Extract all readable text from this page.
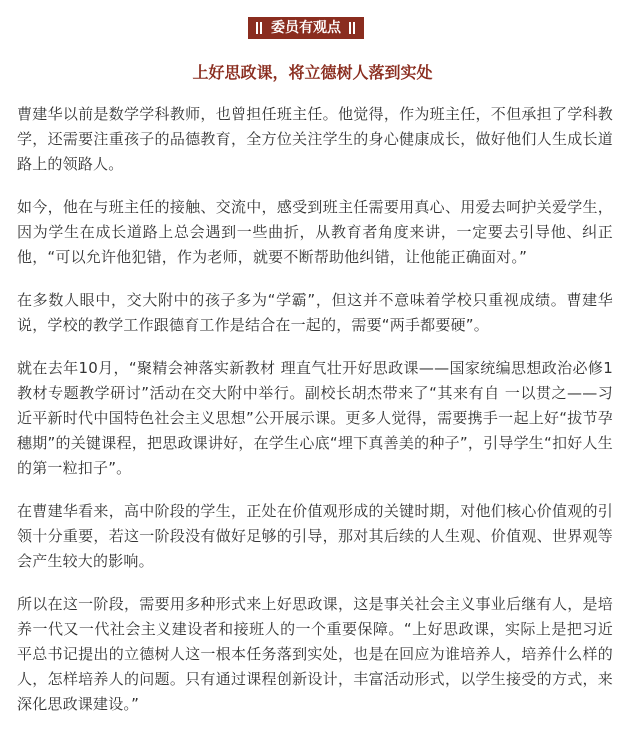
委员有观点
上好思政课，将立德树人落到实处

曹建华以前是数学学科教师，也曾担任班主任。他觉得，作为班主任，不但承担了学科教学，还需要注重孩子的品德教育，全方位关注学生的身心健康成长，做好他们人生成长道路上的领路人。

如今，他在与班主任的接触、交流中，感受到班主任需要用真心、用爱去呵护关爱学生，因为学生在成长道路上总会遇到一些曲折，从教育者角度来讲，一定要去引导他、纠正他，“可以允许他犯错，作为老师，就要不断帮助他纠错，让他能正确面对。”

在多数人眼中，交大附中的孩子多为“学霸”，但这并不意味着学校只重视成绩。曹建华说，学校的教学工作跟德育工作是结合在一起的，需要“两手都要硬”。

就在去年10月，“聚精会神落实新教材 理直气壮开好思政课——国家统编思想政治必修1教材专题教学研讨”活动在交大附中举行。副校长胡杰带来了“其来有自 一以贯之——习近平新时代中国特色社会主义思想”公开展示课。更多人觉得，需要携手一起上好“拔节孕穗期”的关键课程，把思政课讲好，在学生心底“埋下真善美的种子”，引导学生“扣好人生的第一粒扣子”。

在曹建华看来，高中阶段的学生，正处在价值观形成的关键时期，对他们核心价值观的引领十分重要，若这一阶段没有做好足够的引导，那对其后续的人生观、价值观、世界观等会产生较大的影响。

所以在这一阶段，需要用多种形式来上好思政课，这是事关社会主义事业后继有人，是培养一代又一代社会主义建设者和接班人的一个重要保障。“上好思政课，实际上是把习近平总书记提出的立德树人这一根本任务落到实处，也是在回应为谁培养人，培养什么样的人，怎样培养人的问题。只有通过课程创新设计，丰富活动形式，以学生接受的方式，来深化思政课建设。”
